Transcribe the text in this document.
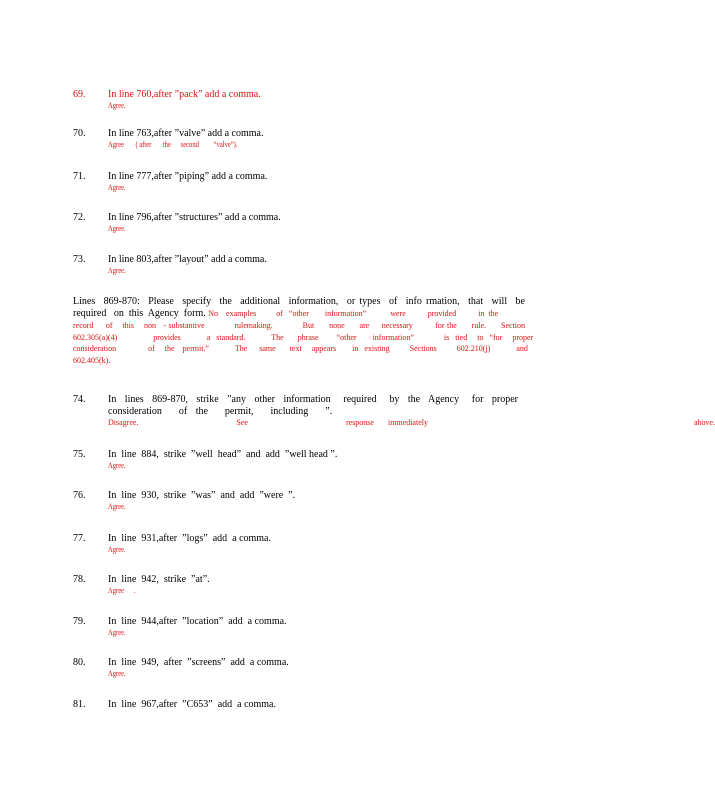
69. In line 760,after ”pack” add a comma.
Agree.
70. In line 763,after ”valve” add a comma.
Agree       ( after       the      second         “valve”).
71. In line 777,after ”piping” add a comma.
Agree.
72. In line 796,after ”structures” add a comma.
Agree.
73. In line 803,after ”layout” add a comma.
Agree.
Lines  869-870:  Please  specify  the  additional  information,  or types  of  info rmation,  that  will  be
required   on  this  Agency  form. No    examples          of   “other        information”            were           provided           in  the
record     of    this    non   - substantive            rulemaking.            But      none      are     necessary         for the      rule.      Section
602.305(a)(4)                  provides             a   standard.             The       phrase         “other        information”               is   tied     to   “for     proper
consideration                of     the    permit.”             The      same       text     appears        in   existing          Sections          602.210(j)             and
602.405(k).
74. In  lines  869-870,  strike  ”any  other  information   required   by  the  Agency   for  proper
consideration  of the  permit,  including  ”.
Disagree.       See       response immediately                   above.
75. In  line  884,  strike  ”well  head”  and  add  ”well head ”.
Agree.
76. In  line  930,  strike  ”was”  and  add  ”were  ”.
Agree.
77. In  line  931,after  ”logs”  add  a comma.
Agree.
78. In  line  942,  strike  ”at”.
Agree      .
79. In  line  944,after  ”location”  add  a comma.
Agree.
80. In  line  949,  after  ”screens”  add  a comma.
Agree.
81. In  line  967,after  ”C653”  add  a comma.
